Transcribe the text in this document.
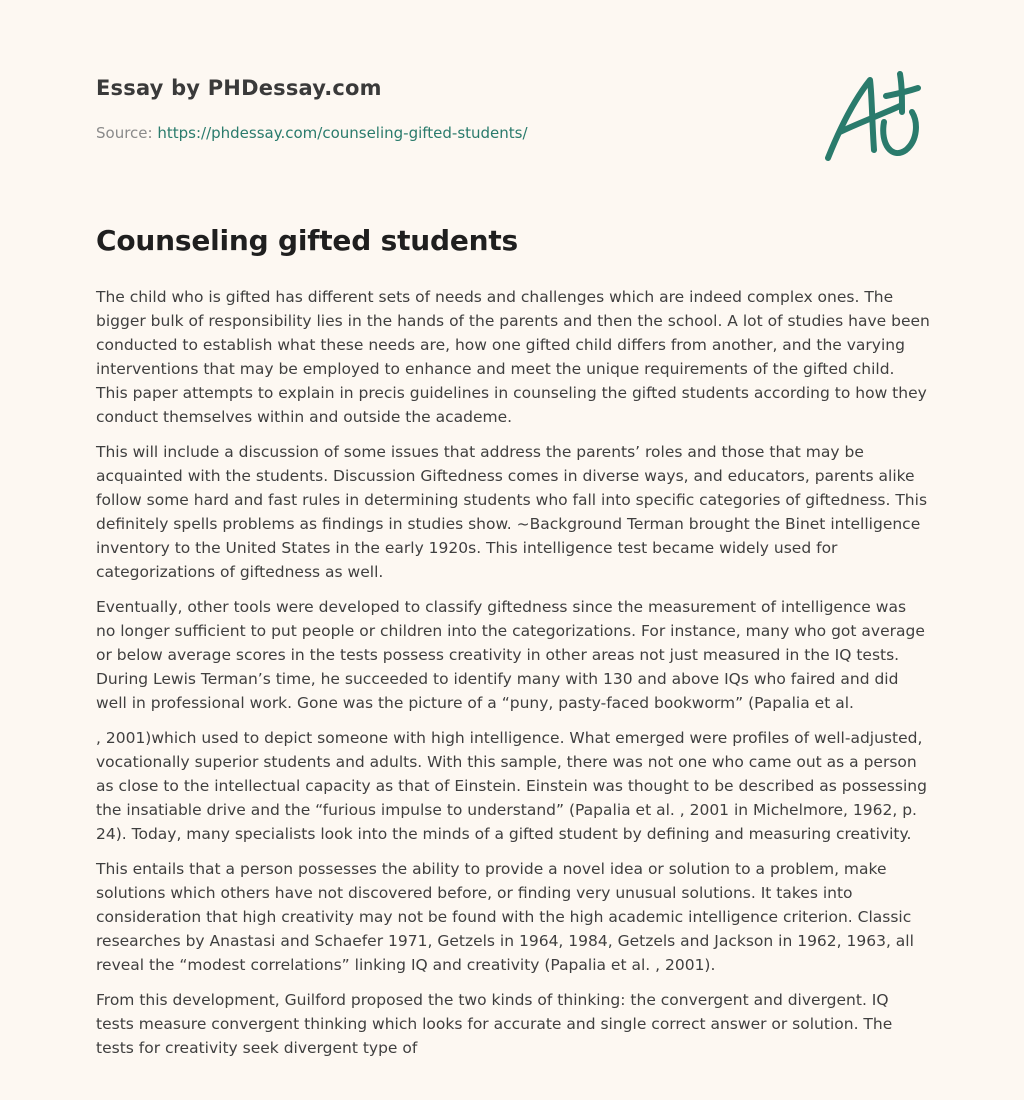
Essay by PHDessay.com
Source: https://phdessay.com/counseling-gifted-students/
Counseling gifted students

The child who is gifted has different sets of needs and challenges which are indeed complex ones. The bigger bulk of responsibility lies in the hands of the parents and then the school. A lot of studies have been conducted to establish what these needs are, how one gifted child differs from another, and the varying interventions that may be employed to enhance and meet the unique requirements of the gifted child. This paper attempts to explain in precis guidelines in counseling the gifted students according to how they conduct themselves within and outside the academe.

This will include a discussion of some issues that address the parents’ roles and those that may be acquainted with the students. Discussion Giftedness comes in diverse ways, and educators, parents alike follow some hard and fast rules in determining students who fall into specific categories of giftedness. This definitely spells problems as findings in studies show. ~Background Terman brought the Binet intelligence inventory to the United States in the early 1920s. This intelligence test became widely used for categorizations of giftedness as well.

Eventually, other tools were developed to classify giftedness since the measurement of intelligence was no longer sufficient to put people or children into the categorizations. For instance, many who got average or below average scores in the tests possess creativity in other areas not just measured in the IQ tests. During Lewis Terman’s time, he succeeded to identify many with 130 and above IQs who faired and did well in professional work. Gone was the picture of a “puny, pasty-faced bookworm” (Papalia et al.

, 2001)which used to depict someone with high intelligence. What emerged were profiles of well-adjusted, vocationally superior students and adults. With this sample, there was not one who came out as a person as close to the intellectual capacity as that of Einstein. Einstein was thought to be described as possessing the insatiable drive and the “furious impulse to understand” (Papalia et al. , 2001 in Michelmore, 1962, p. 24). Today, many specialists look into the minds of a gifted student by defining and measuring creativity.

This entails that a person possesses the ability to provide a novel idea or solution to a problem, make solutions which others have not discovered before, or finding very unusual solutions. It takes into consideration that high creativity may not be found with the high academic intelligence criterion. Classic researches by Anastasi and Schaefer 1971, Getzels in 1964, 1984, Getzels and Jackson in 1962, 1963, all reveal the “modest correlations” linking IQ and creativity (Papalia et al. , 2001).

From this development, Guilford proposed the two kinds of thinking: the convergent and divergent. IQ tests measure convergent thinking which looks for accurate and single correct answer or solution. The tests for creativity seek divergent type of
